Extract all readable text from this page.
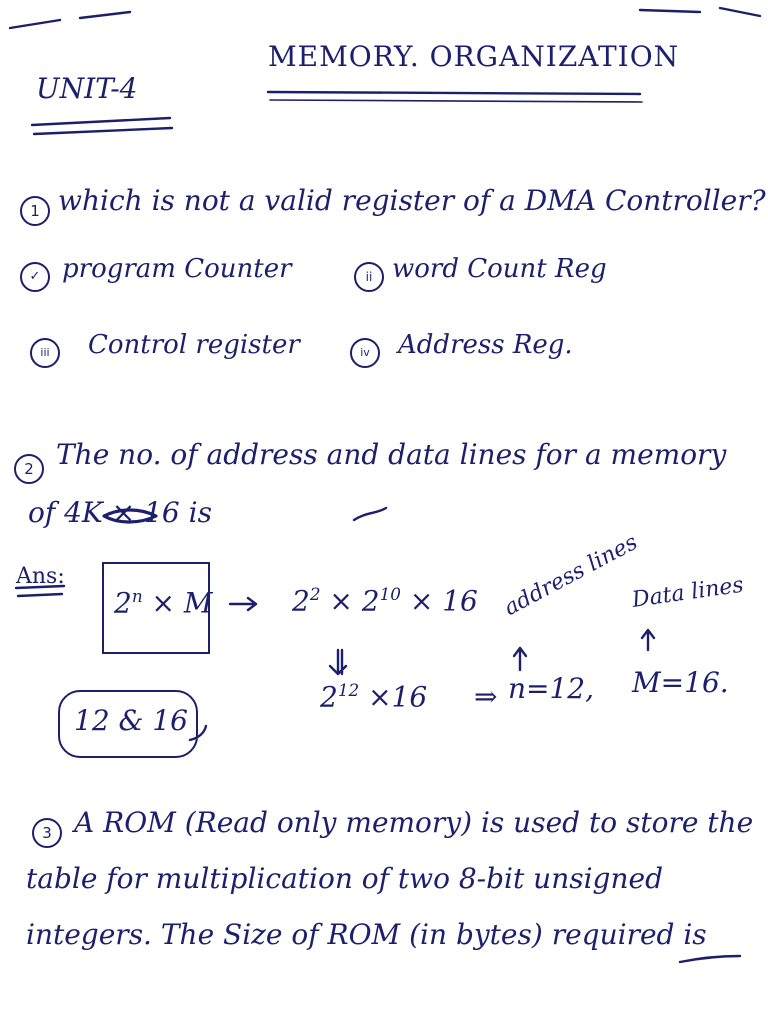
UNIT-4
MEMORY. ORGANIZATION
1 which is not a valid register of a DMA Controller?
✓ program Counter	ii word Count Reg
iii	Control register	iv	Address Reg.
2 The no. of address and data lines for a memory
of 4K × 16 is
Ans:
$2^n \times M$	$2^2 \times 2^{10} \times 16$ address lines
Data lines
$2^{12} \times 16$ ⇒ n=12, M=16.
12 & 16
3 A ROM (Read only memory) is used to store the
table for multiplication of two 8-bit unsigned
integers. The Size of ROM (in bytes) required is
